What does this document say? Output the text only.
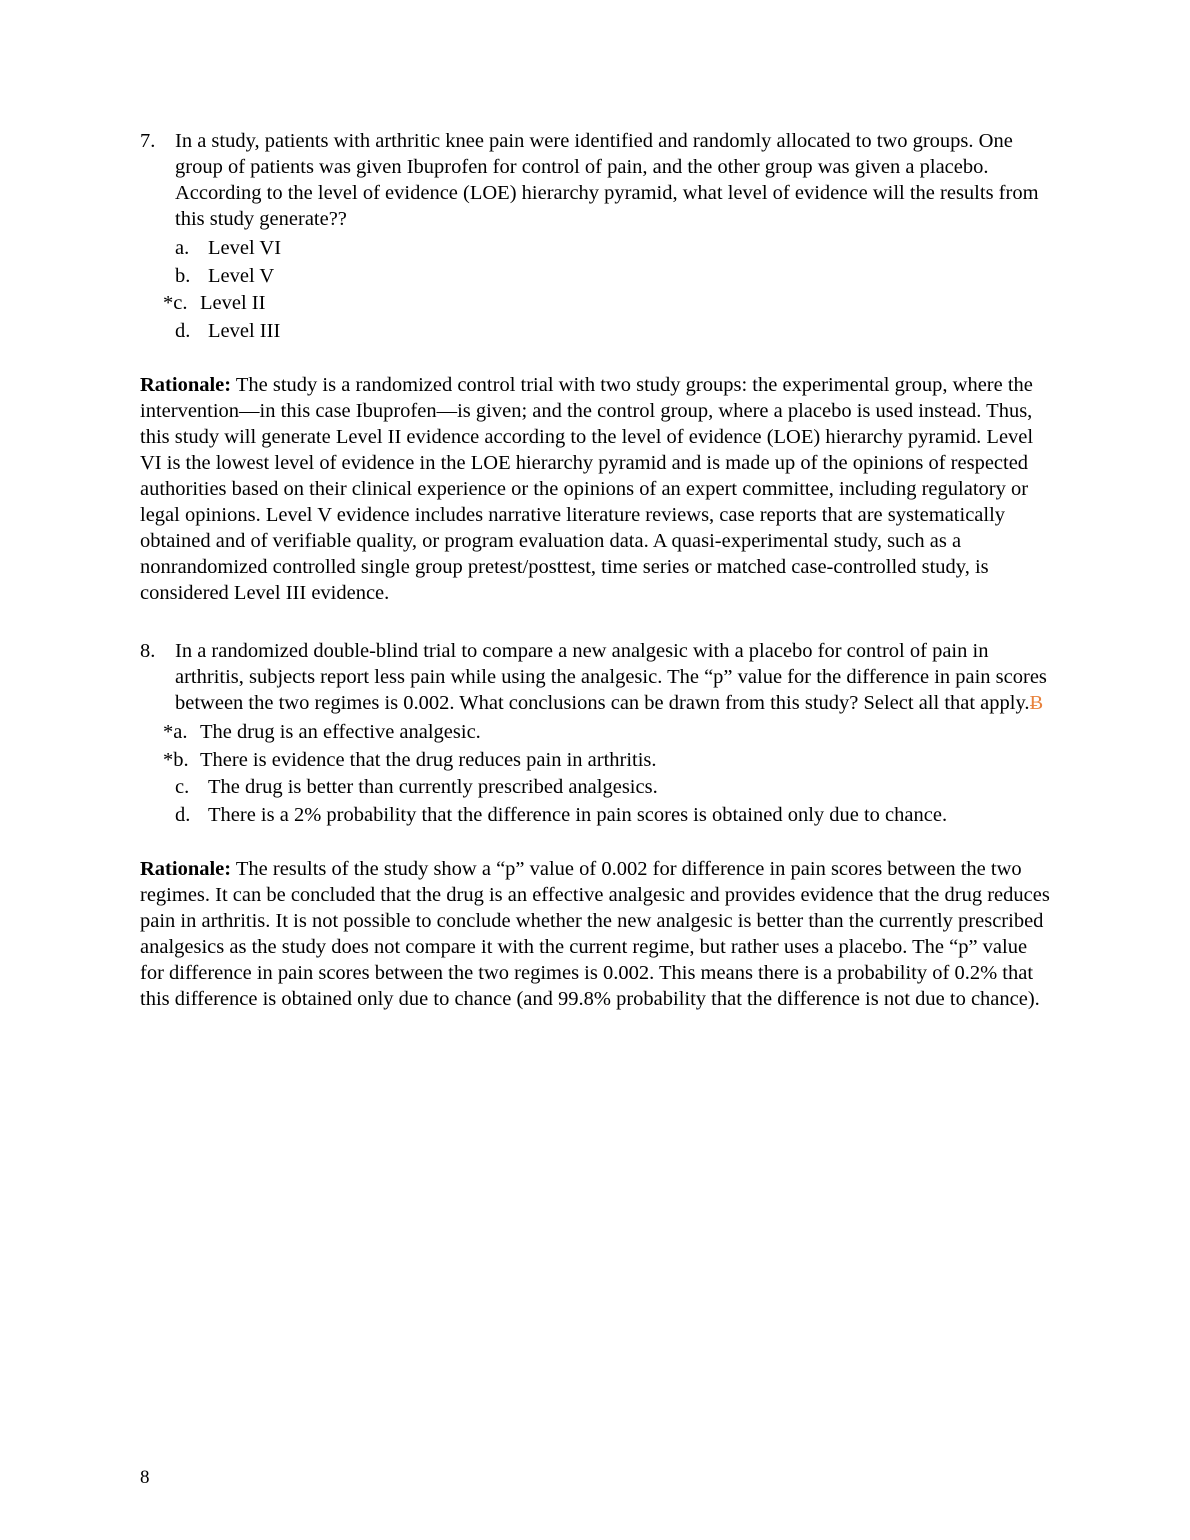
7. In a study, patients with arthritic knee pain were identified and randomly allocated to two groups. One group of patients was given Ibuprofen for control of pain, and the other group was given a placebo. According to the level of evidence (LOE) hierarchy pyramid, what level of evidence will the results from this study generate??
a. Level VI
b. Level V
*c. Level II
d. Level III

Rationale: The study is a randomized control trial with two study groups: the experimental group, where the intervention—in this case Ibuprofen—is given; and the control group, where a placebo is used instead. Thus, this study will generate Level II evidence according to the level of evidence (LOE) hierarchy pyramid. Level VI is the lowest level of evidence in the LOE hierarchy pyramid and is made up of the opinions of respected authorities based on their clinical experience or the opinions of an expert committee, including regulatory or legal opinions. Level V evidence includes narrative literature reviews, case reports that are systematically obtained and of verifiable quality, or program evaluation data. A quasi-experimental study, such as a nonrandomized controlled single group pretest/posttest, time series or matched case-controlled study, is considered Level III evidence.

8. In a randomized double-blind trial to compare a new analgesic with a placebo for control of pain in arthritis, subjects report less pain while using the analgesic. The “p” value for the difference in pain scores between the two regimes is 0.002. What conclusions can be drawn from this study? Select all that apply.Ƀ
*a. The drug is an effective analgesic.
*b. There is evidence that the drug reduces pain in arthritis.
c. The drug is better than currently prescribed analgesics.
d. There is a 2% probability that the difference in pain scores is obtained only due to chance.

Rationale: The results of the study show a “p” value of 0.002 for difference in pain scores between the two regimes. It can be concluded that the drug is an effective analgesic and provides evidence that the drug reduces pain in arthritis. It is not possible to conclude whether the new analgesic is better than the currently prescribed analgesics as the study does not compare it with the current regime, but rather uses a placebo. The “p” value for difference in pain scores between the two regimes is 0.002. This means there is a probability of 0.2% that this difference is obtained only due to chance (and 99.8% probability that the difference is not due to chance).

8
